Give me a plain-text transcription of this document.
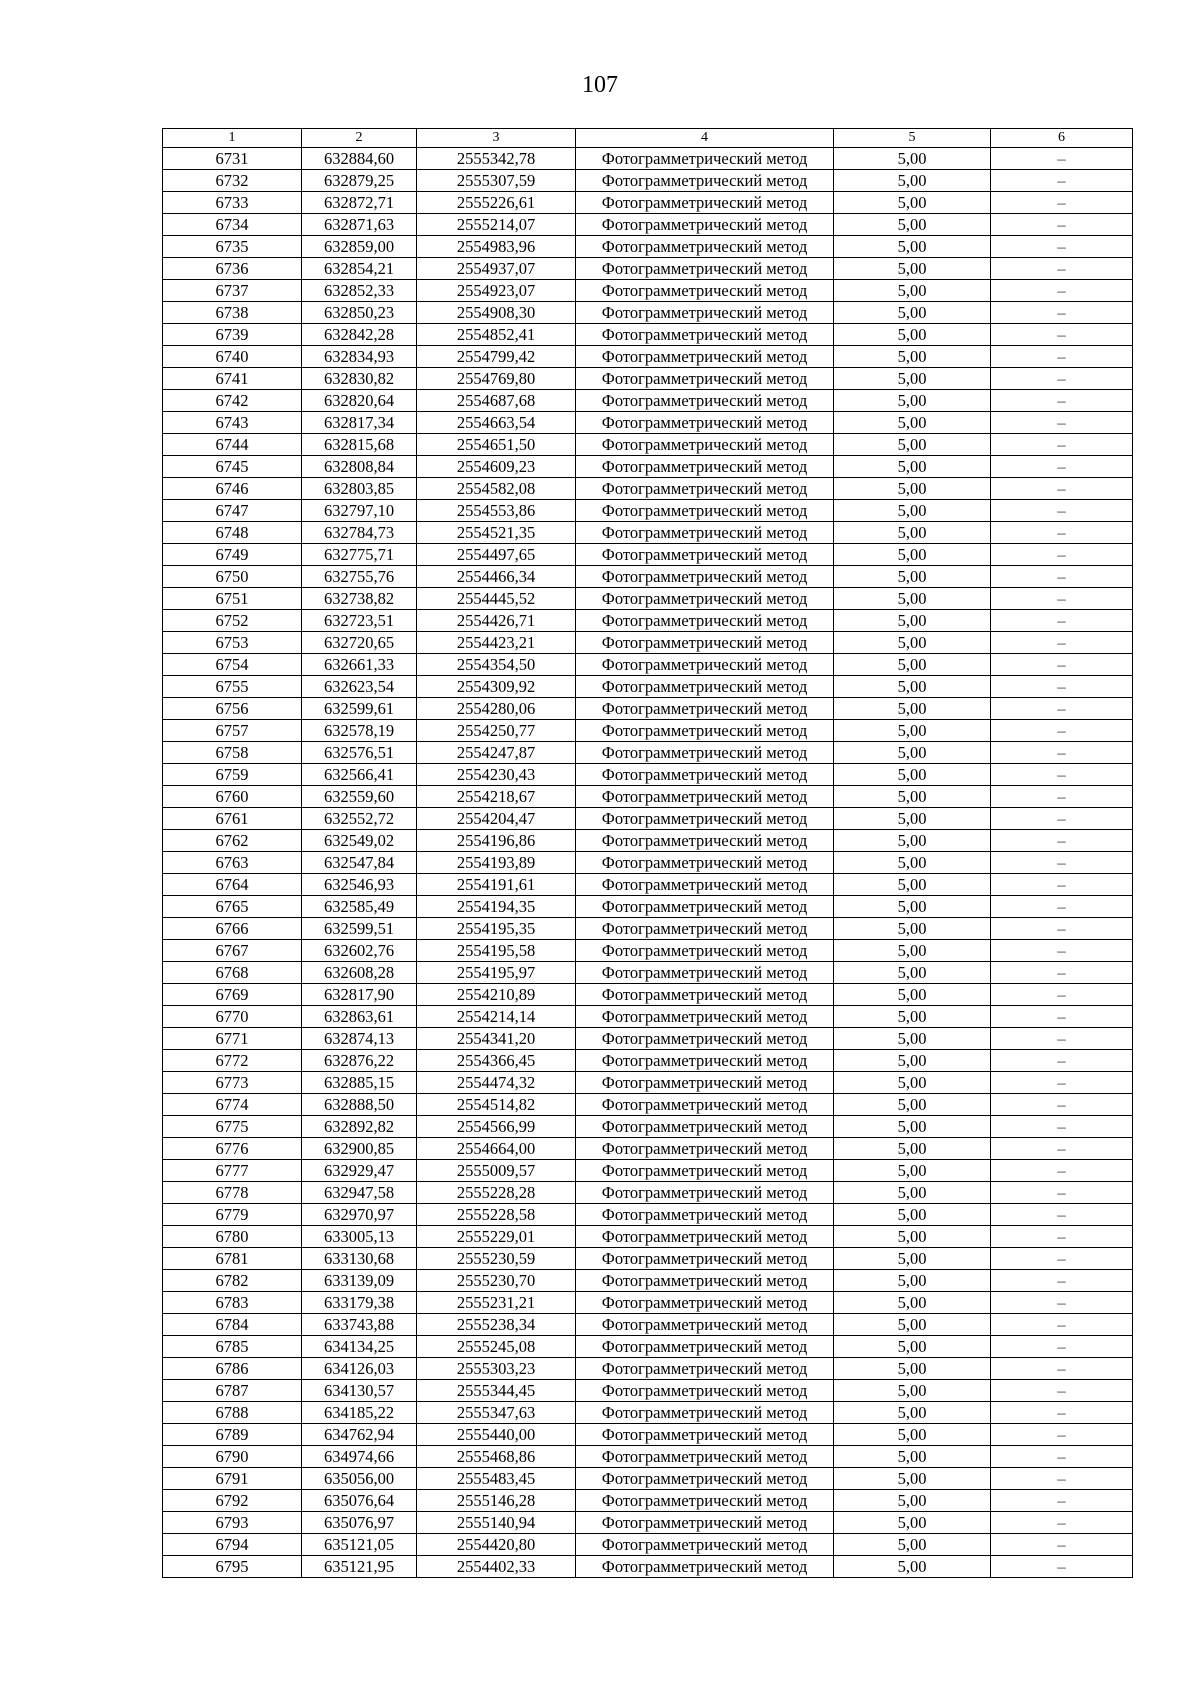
107
1	2	3	4	5	6
6731	632884,60	2555342,78	Фотограмметрический метод	5,00	–
6732	632879,25	2555307,59	Фотограмметрический метод	5,00	–
6733	632872,71	2555226,61	Фотограмметрический метод	5,00	–
6734	632871,63	2555214,07	Фотограмметрический метод	5,00	–
6735	632859,00	2554983,96	Фотограмметрический метод	5,00	–
6736	632854,21	2554937,07	Фотограмметрический метод	5,00	–
6737	632852,33	2554923,07	Фотограмметрический метод	5,00	–
6738	632850,23	2554908,30	Фотограмметрический метод	5,00	–
6739	632842,28	2554852,41	Фотограмметрический метод	5,00	–
6740	632834,93	2554799,42	Фотограмметрический метод	5,00	–
6741	632830,82	2554769,80	Фотограмметрический метод	5,00	–
6742	632820,64	2554687,68	Фотограмметрический метод	5,00	–
6743	632817,34	2554663,54	Фотограмметрический метод	5,00	–
6744	632815,68	2554651,50	Фотограмметрический метод	5,00	–
6745	632808,84	2554609,23	Фотограмметрический метод	5,00	–
6746	632803,85	2554582,08	Фотограмметрический метод	5,00	–
6747	632797,10	2554553,86	Фотограмметрический метод	5,00	–
6748	632784,73	2554521,35	Фотограмметрический метод	5,00	–
6749	632775,71	2554497,65	Фотограмметрический метод	5,00	–
6750	632755,76	2554466,34	Фотограмметрический метод	5,00	–
6751	632738,82	2554445,52	Фотограмметрический метод	5,00	–
6752	632723,51	2554426,71	Фотограмметрический метод	5,00	–
6753	632720,65	2554423,21	Фотограмметрический метод	5,00	–
6754	632661,33	2554354,50	Фотограмметрический метод	5,00	–
6755	632623,54	2554309,92	Фотограмметрический метод	5,00	–
6756	632599,61	2554280,06	Фотограмметрический метод	5,00	–
6757	632578,19	2554250,77	Фотограмметрический метод	5,00	–
6758	632576,51	2554247,87	Фотограмметрический метод	5,00	–
6759	632566,41	2554230,43	Фотограмметрический метод	5,00	–
6760	632559,60	2554218,67	Фотограмметрический метод	5,00	–
6761	632552,72	2554204,47	Фотограмметрический метод	5,00	–
6762	632549,02	2554196,86	Фотограмметрический метод	5,00	–
6763	632547,84	2554193,89	Фотограмметрический метод	5,00	–
6764	632546,93	2554191,61	Фотограмметрический метод	5,00	–
6765	632585,49	2554194,35	Фотограмметрический метод	5,00	–
6766	632599,51	2554195,35	Фотограмметрический метод	5,00	–
6767	632602,76	2554195,58	Фотограмметрический метод	5,00	–
6768	632608,28	2554195,97	Фотограмметрический метод	5,00	–
6769	632817,90	2554210,89	Фотограмметрический метод	5,00	–
6770	632863,61	2554214,14	Фотограмметрический метод	5,00	–
6771	632874,13	2554341,20	Фотограмметрический метод	5,00	–
6772	632876,22	2554366,45	Фотограмметрический метод	5,00	–
6773	632885,15	2554474,32	Фотограмметрический метод	5,00	–
6774	632888,50	2554514,82	Фотограмметрический метод	5,00	–
6775	632892,82	2554566,99	Фотограмметрический метод	5,00	–
6776	632900,85	2554664,00	Фотограмметрический метод	5,00	–
6777	632929,47	2555009,57	Фотограмметрический метод	5,00	–
6778	632947,58	2555228,28	Фотограмметрический метод	5,00	–
6779	632970,97	2555228,58	Фотограмметрический метод	5,00	–
6780	633005,13	2555229,01	Фотограмметрический метод	5,00	–
6781	633130,68	2555230,59	Фотограмметрический метод	5,00	–
6782	633139,09	2555230,70	Фотограмметрический метод	5,00	–
6783	633179,38	2555231,21	Фотограмметрический метод	5,00	–
6784	633743,88	2555238,34	Фотограмметрический метод	5,00	–
6785	634134,25	2555245,08	Фотограмметрический метод	5,00	–
6786	634126,03	2555303,23	Фотограмметрический метод	5,00	–
6787	634130,57	2555344,45	Фотограмметрический метод	5,00	–
6788	634185,22	2555347,63	Фотограмметрический метод	5,00	–
6789	634762,94	2555440,00	Фотограмметрический метод	5,00	–
6790	634974,66	2555468,86	Фотограмметрический метод	5,00	–
6791	635056,00	2555483,45	Фотограмметрический метод	5,00	–
6792	635076,64	2555146,28	Фотограмметрический метод	5,00	–
6793	635076,97	2555140,94	Фотограмметрический метод	5,00	–
6794	635121,05	2554420,80	Фотограмметрический метод	5,00	–
6795	635121,95	2554402,33	Фотограмметрический метод	5,00	–
